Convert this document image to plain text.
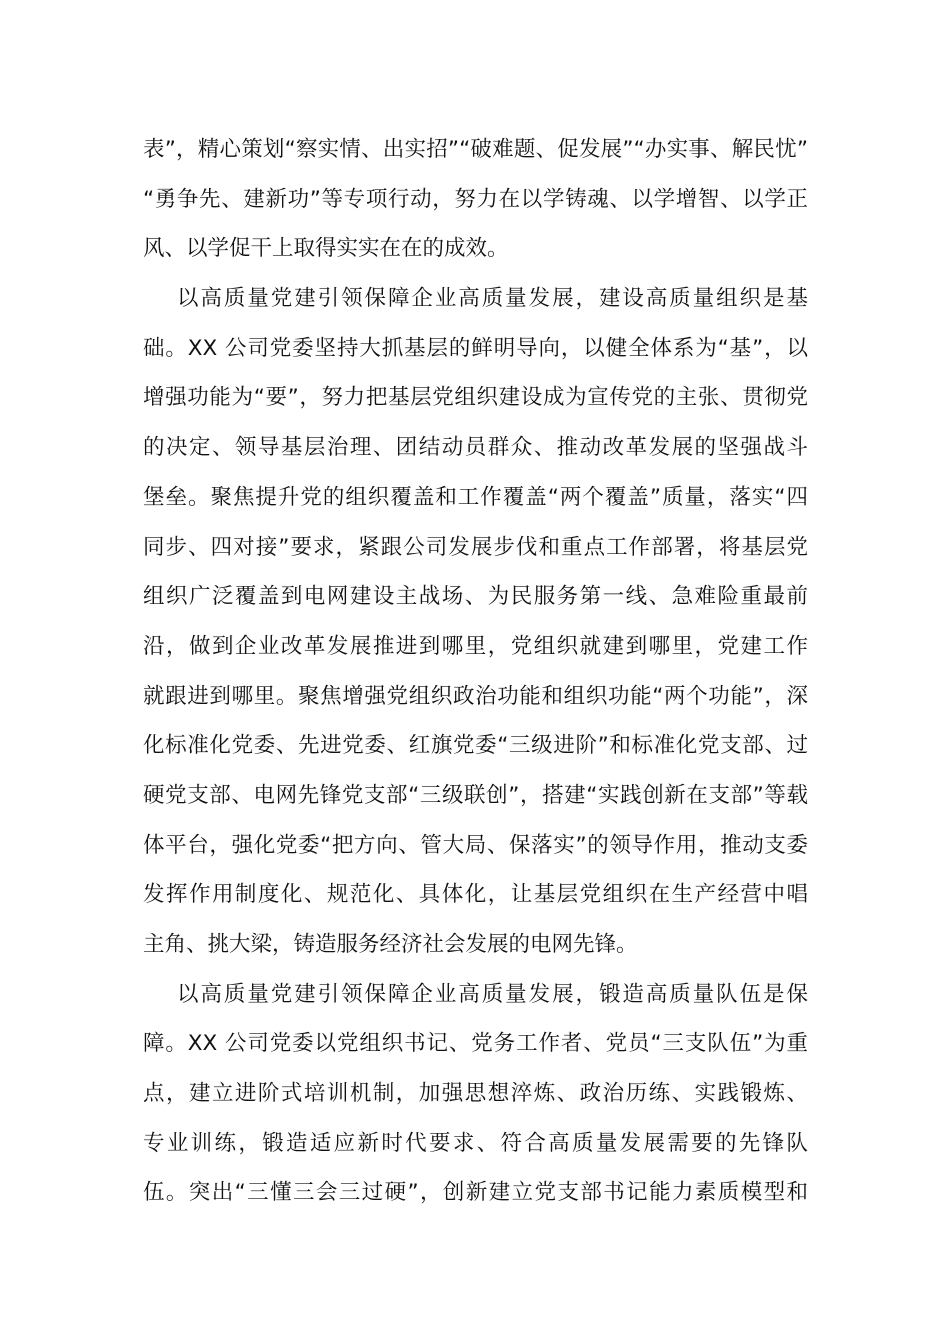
表”，精心策划“察实情、出实招”“破难题、促发展”“办实事、解民忧”
“勇争先、建新功”等专项行动，努力在以学铸魂、以学增智、以学正
风、以学促干上取得实实在在的成效。
以高质量党建引领保障企业高质量发展，建设高质量组织是基
础。XX 公司党委坚持大抓基层的鲜明导向，以健全体系为“基”，以
增强功能为“要”，努力把基层党组织建设成为宣传党的主张、贯彻党
的决定、领导基层治理、团结动员群众、推动改革发展的坚强战斗
堡垒。聚焦提升党的组织覆盖和工作覆盖“两个覆盖”质量，落实“四
同步、四对接”要求，紧跟公司发展步伐和重点工作部署，将基层党
组织广泛覆盖到电网建设主战场、为民服务第一线、急难险重最前
沿，做到企业改革发展推进到哪里，党组织就建到哪里，党建工作
就跟进到哪里。聚焦增强党组织政治功能和组织功能“两个功能”，深
化标准化党委、先进党委、红旗党委“三级进阶”和标准化党支部、过
硬党支部、电网先锋党支部“三级联创”，搭建“实践创新在支部”等载
体平台，强化党委“把方向、管大局、保落实”的领导作用，推动支委
发挥作用制度化、规范化、具体化，让基层党组织在生产经营中唱
主角、挑大梁，铸造服务经济社会发展的电网先锋。
以高质量党建引领保障企业高质量发展，锻造高质量队伍是保
障。XX 公司党委以党组织书记、党务工作者、党员“三支队伍”为重
点，建立进阶式培训机制，加强思想淬炼、政治历练、实践锻炼、
专业训练，锻造适应新时代要求、符合高质量发展需要的先锋队
伍。突出“三懂三会三过硬”，创新建立党支部书记能力素质模型和
